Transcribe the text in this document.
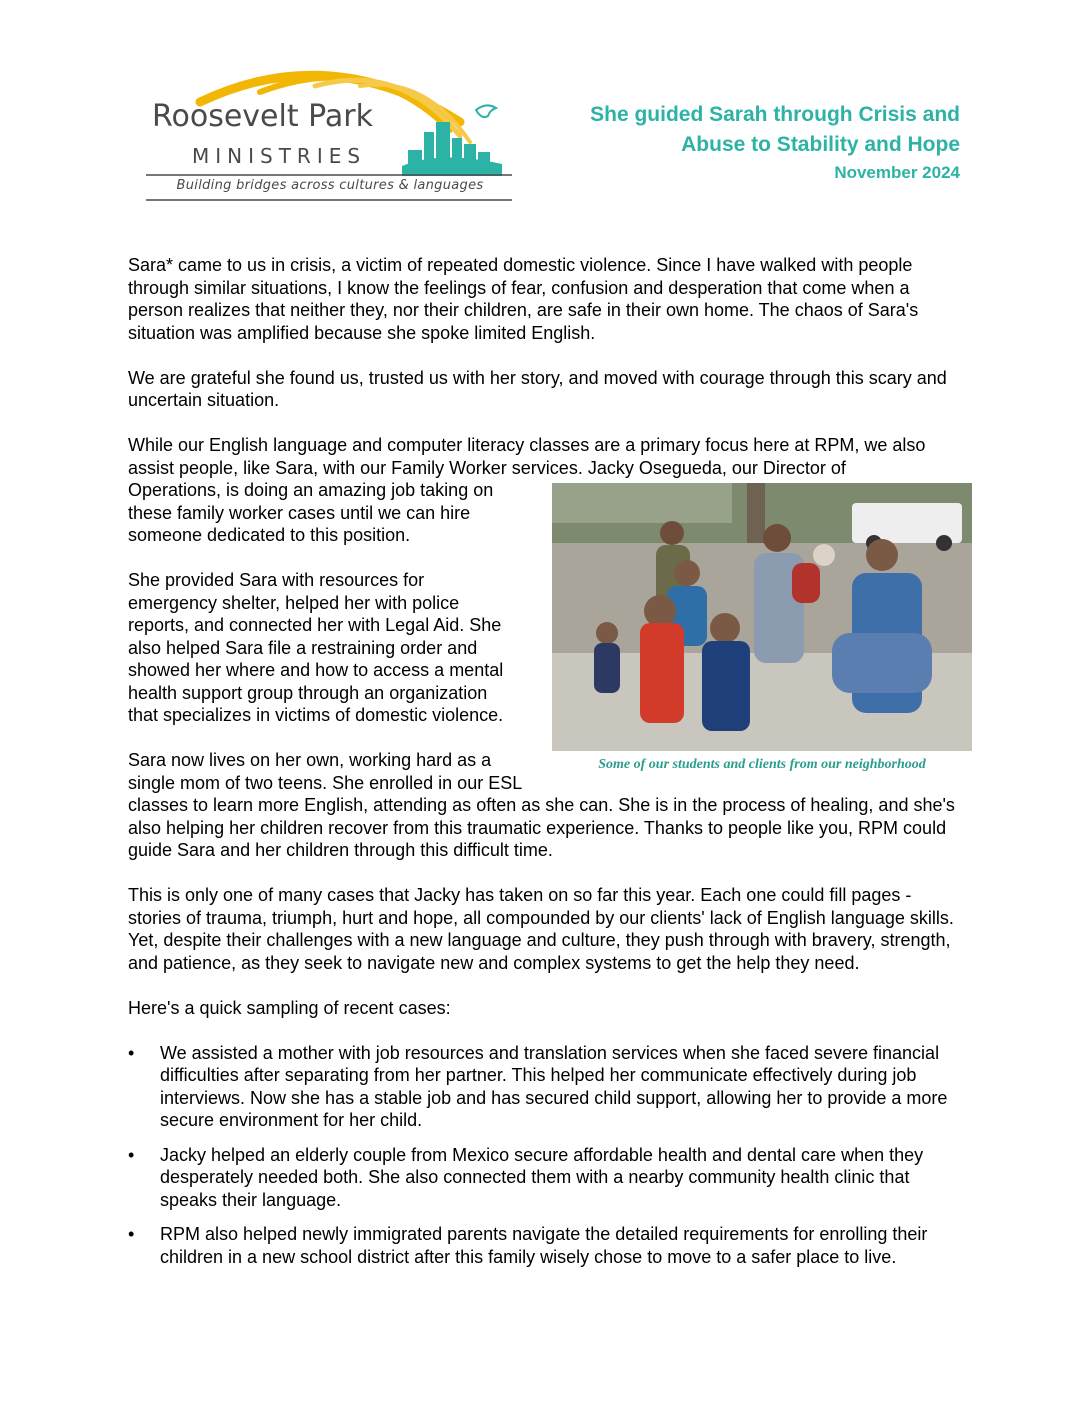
Roosevelt Park
MINISTRIES
Building bridges across cultures & languages
She guided Sarah through Crisis and
Abuse to Stability and Hope
November 2024

Sara* came to us in crisis, a victim of repeated domestic violence. Since I have walked with people through similar situations, I know the feelings of fear, confusion and desperation that come when a person realizes that neither they, nor their children, are safe in their own home. The chaos of Sara's situation was amplified because she spoke limited English.

We are grateful she found us, trusted us with her story, and moved with courage through this scary and uncertain situation.

While our English language and computer literacy classes are a primary focus here at RPM, we also assist people, like Sara, with our Family Worker services. Jacky Osegueda, our Director of

Some of our students and clients from our neighborhood

Operations, is doing an amazing job taking on these family worker cases until we can hire someone dedicated to this position.

She provided Sara with resources for emergency shelter, helped her with police reports, and connected her with Legal Aid. She also helped Sara file a restraining order and showed her where and how to access a mental health support group through an organization that specializes in victims of domestic violence.

Sara now lives on her own, working hard as a single mom of two teens. She enrolled in our ESL classes to learn more English, attending as often as she can. She is in the process of healing, and she's also helping her children recover from this traumatic experience. Thanks to people like you, RPM could guide Sara and her children through this difficult time.

This is only one of many cases that Jacky has taken on so far this year. Each one could fill pages - stories of trauma, triumph, hurt and hope, all compounded by our clients' lack of English language skills. Yet, despite their challenges with a new language and culture, they push through with bravery, strength, and patience, as they seek to navigate new and complex systems to get the help they need.

Here's a quick sampling of recent cases:

• We assisted a mother with job resources and translation services when she faced severe financial difficulties after separating from her partner. This helped her communicate effectively during job interviews. Now she has a stable job and has secured child support, allowing her to provide a more secure environment for her child.
• Jacky helped an elderly couple from Mexico secure affordable health and dental care when they desperately needed both. She also connected them with a nearby community health clinic that speaks their language.
• RPM also helped newly immigrated parents navigate the detailed requirements for enrolling their children in a new school district after this family wisely chose to move to a safer place to live.
